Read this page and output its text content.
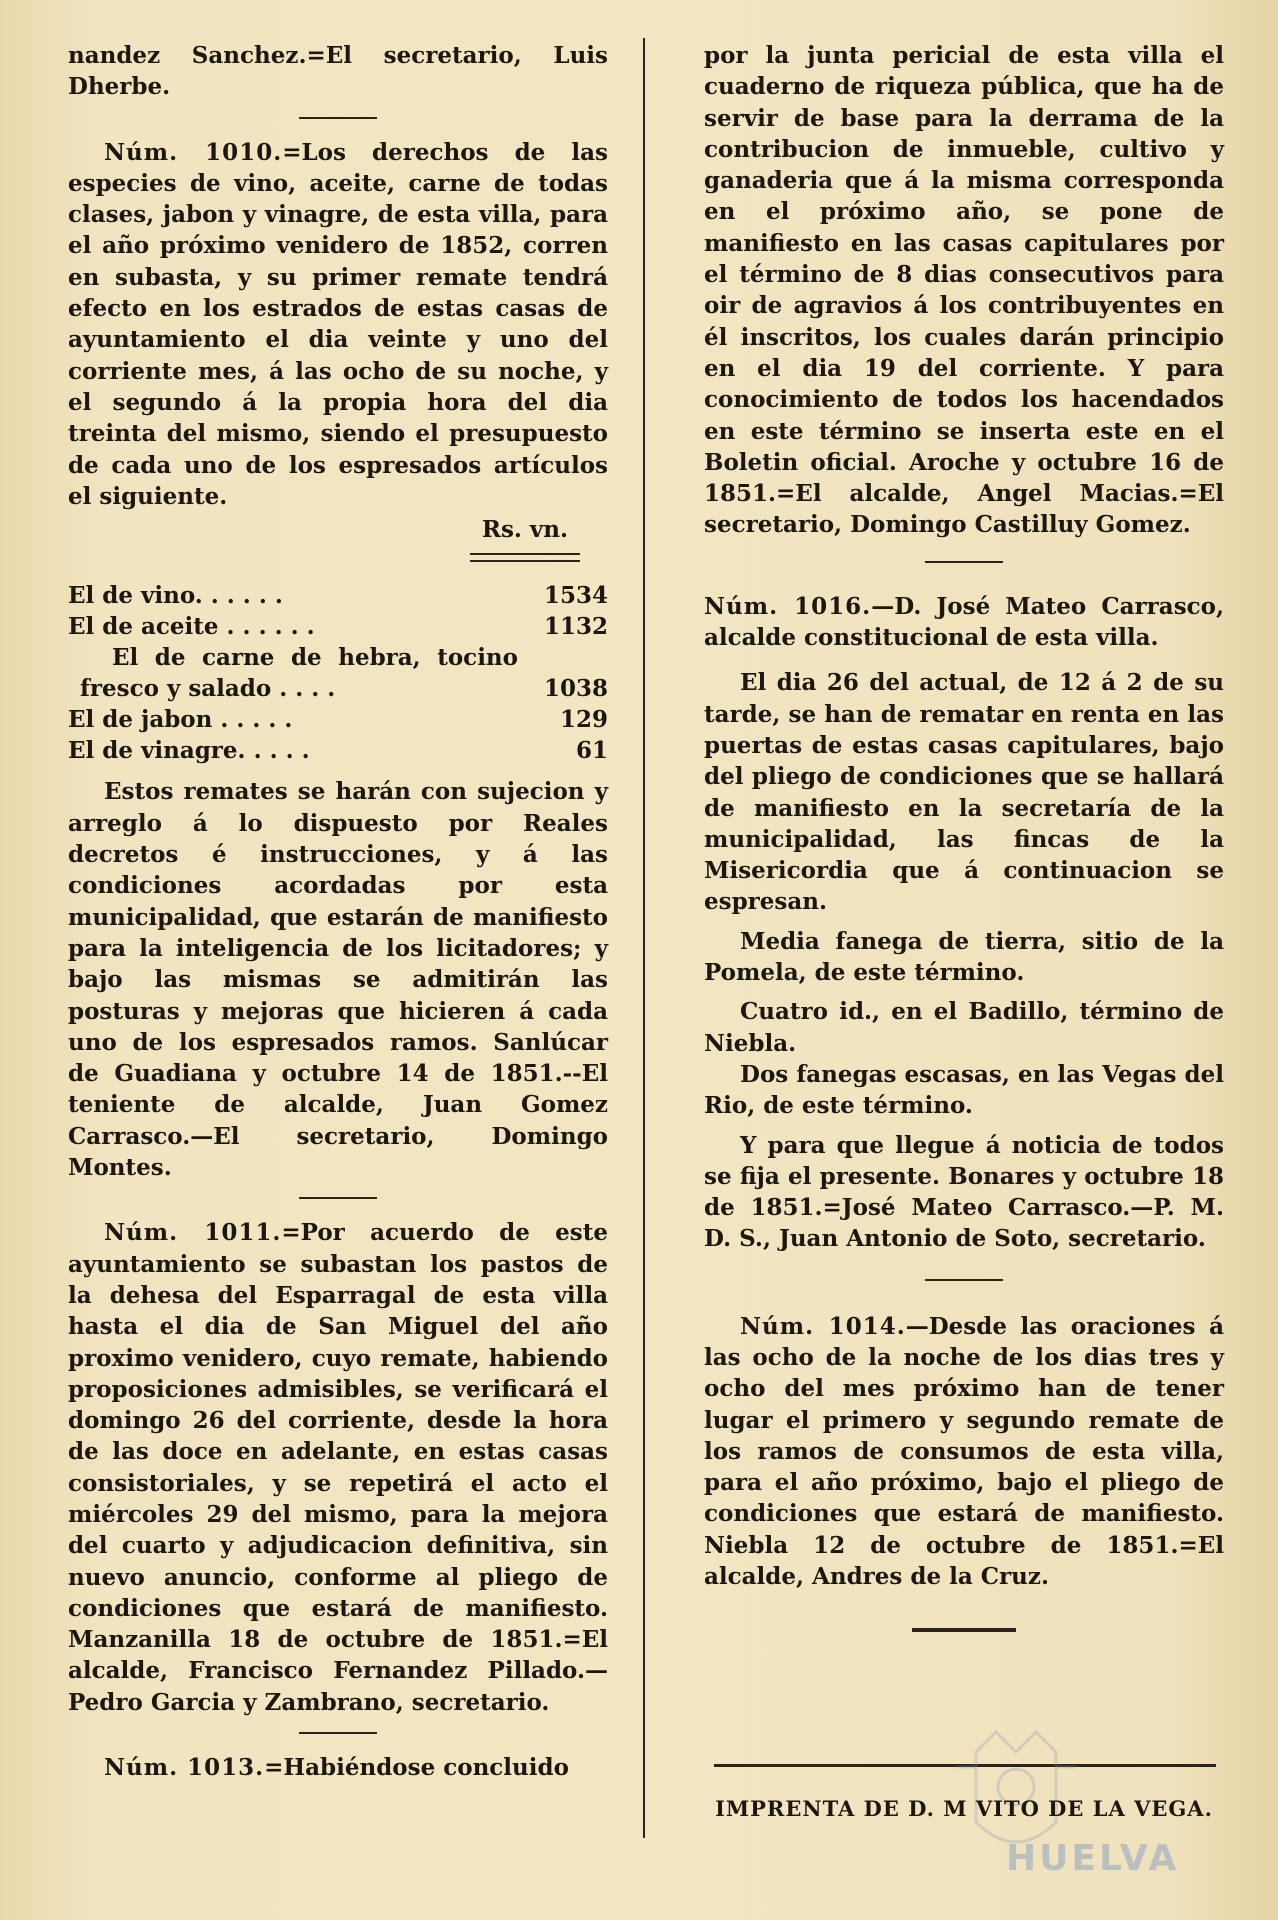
nandez Sanchez.=El secretario, Luis Dherbe.

Núm. 1010.=Los derechos de las especies de vino, aceite, carne de todas clases, jabon y vinagre, de esta villa, para el año próximo venidero de 1852, corren en subasta, y su primer remate tendrá efecto en los estrados de estas casas de ayuntamiento el dia veinte y uno del corriente mes, á las ocho de su noche, y el segundo á la propia hora del dia treinta del mismo, siendo el presupuesto de cada uno de los espresados artículos el siguiente.

Rs. vn.
El de vino. . . . . .	1534
El de aceite . . . . . .	1132
El de carne de hebra, tocino fresco y salado . . . .	1038
El de jabon . . . . .	129
El de vinagre. . . . .	61

Estos remates se harán con sujecion y arreglo á lo dispuesto por Reales decretos é instrucciones, y á las condiciones acordadas por esta municipalidad, que estarán de manifiesto para la inteligencia de los licitadores; y bajo las mismas se admitirán las posturas y mejoras que hicieren á cada uno de los espresados ramos. Sanlúcar de Guadiana y octubre 14 de 1851.--El teniente de alcalde, Juan Gomez Carrasco.—El secretario, Domingo Montes.

Núm. 1011.=Por acuerdo de este ayuntamiento se subastan los pastos de la dehesa del Esparragal de esta villa hasta el dia de San Miguel del año proximo venidero, cuyo remate, habiendo proposiciones admisibles, se verificará el domingo 26 del corriente, desde la hora de las doce en adelante, en estas casas consistoriales, y se repetirá el acto el miércoles 29 del mismo, para la mejora del cuarto y adjudicacion definitiva, sin nuevo anuncio, conforme al pliego de condiciones que estará de manifiesto. Manzanilla 18 de octubre de 1851.=El alcalde, Francisco Fernandez Pillado.—Pedro Garcia y Zambrano, secretario.

Núm. 1013.=Habiéndose concluido

por la junta pericial de esta villa el cuaderno de riqueza pública, que ha de servir de base para la derrama de la contribucion de inmueble, cultivo y ganaderia que á la misma corresponda en el próximo año, se pone de manifiesto en las casas capitulares por el término de 8 dias consecutivos para oir de agravios á los contribuyentes en él inscritos, los cuales darán principio en el dia 19 del corriente. Y para conocimiento de todos los hacendados en este término se inserta este en el Boletin oficial. Aroche y octubre 16 de 1851.=El alcalde, Angel Macias.=El secretario, Domingo Castilluy Gomez.

Núm. 1016.—D. José Mateo Carrasco, alcalde constitucional de esta villa.

El dia 26 del actual, de 12 á 2 de su tarde, se han de rematar en renta en las puertas de estas casas capitulares, bajo del pliego de condiciones que se hallará de manifiesto en la secretaría de la municipalidad, las fincas de la Misericordia que á continuacion se espresan.

Media fanega de tierra, sitio de la Pomela, de este término.

Cuatro id., en el Badillo, término de Niebla.

Dos fanegas escasas, en las Vegas del Rio, de este término.

Y para que llegue á noticia de todos se fija el presente. Bonares y octubre 18 de 1851.=José Mateo Carrasco.—P. M. D. S., Juan Antonio de Soto, secretario.

Núm. 1014.—Desde las oraciones á las ocho de la noche de los dias tres y ocho del mes próximo han de tener lugar el primero y segundo remate de los ramos de consumos de esta villa, para el año próximo, bajo el pliego de condiciones que estará de manifiesto. Niebla 12 de octubre de 1851.=El alcalde, Andres de la Cruz.

HUELVA
IMPRENTA DE D. M VITO DE LA VEGA.
